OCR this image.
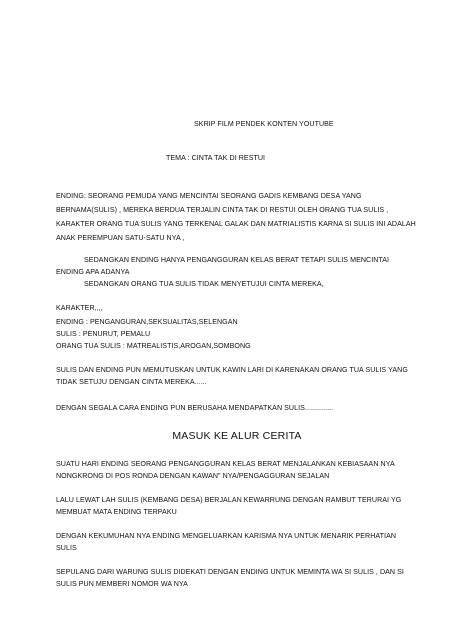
SKRIP FILM PENDEK KONTEN YOUTUBE
TEMA : CINTA TAK DI RESTUI
ENDING: SEORANG PEMUDA YANG MENCINTAI SEORANG GADIS KEMBANG DESA YANG
BERNAMA(SULIS) , MEREKA BERDUA TERJALIN CINTA TAK DI RESTUI OLEH ORANG TUA SULIS ,
KARAKTER ORANG TUA SULIS YANG TERKENAL GALAK DAN MATRIALISTIS KARNA SI SULIS INI ADALAH
ANAK PEREMPUAN SATU-SATU NYA ,
SEDANGKAN ENDING HANYA PENGANGGURAN KELAS BERAT TETAPI SULIS MENCINTAI
ENDING APA ADANYA
SEDANGKAN ORANG TUA SULIS TIDAK MENYETUJUI CINTA MEREKA,
KARAKTER,,,,
ENDING : PENGANGURAN,SEKSUALITAS,SELENGAN
SULIS : PENURUT, PEMALU
ORANG TUA SULIS : MATREALISTIS,AROGAN,SOMBONG
SULIS DAN ENDING PUN MEMUTUSKAN UNTUK KAWIN LARI DI KARENAKAN ORANG TUA SULIS YANG
TIDAK SETUJU DENGAN CINTA MEREKA......
DENGAN SEGALA CARA ENDING PUN BERUSAHA MENDAPATKAN SULIS..............
MASUK KE ALUR CERITA
SUATU HARI ENDING SEORANG PENGANGGURAN KELAS BERAT MENJALANKAN KEBIASAAN NYA
NONGKRONG DI POS RONDA DENGAN KAWAN" NYA/PENGAGGURAN SEJALAN
LALU LEWAT LAH SULIS (KEMBANG DESA) BERJALAN KEWARRUNG DENGAN RAMBUT TERURAI YG
MEMBUAT MATA ENDING TERPAKU
DENGAN KEKUMUHAN NYA ENDING MENGELUARKAN KARISMA NYA UNTUK MENARIK PERHATIAN
SULIS
SEPULANG DARI WARUNG SULIS DIDEKATI DENGAN ENDING UNTUK MEMINTA WA SI SULIS , DAN SI
SULIS PUN MEMBERI NOMOR WA NYA
